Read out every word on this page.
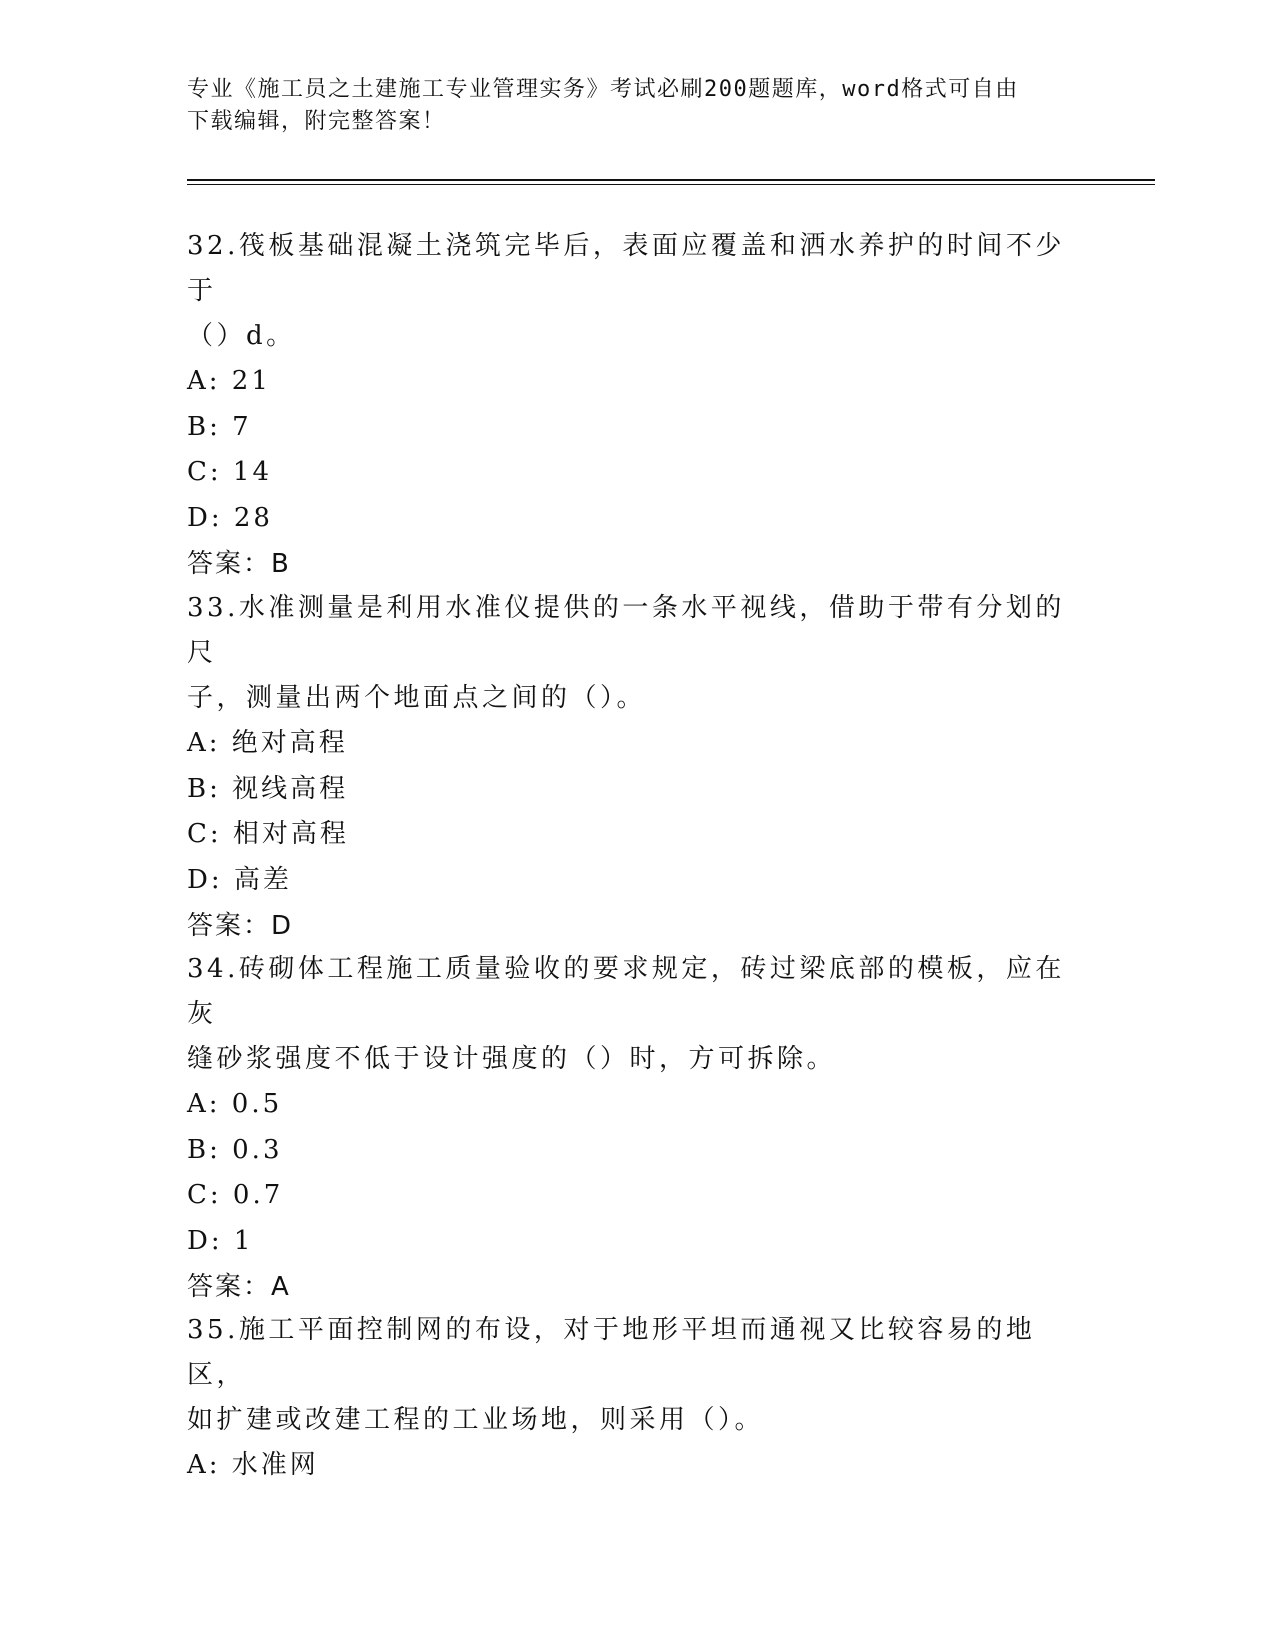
专业《施工员之土建施工专业管理实务》考试必刷200题题库，word格式可自由
下载编辑，附完整答案！
32.筏板基础混凝土浇筑完毕后，表面应覆盖和洒水养护的时间不少于
（）d。
A: 21
B: 7
C: 14
D: 28
答案：B
33.水准测量是利用水准仪提供的一条水平视线，借助于带有分划的尺
子，测量出两个地面点之间的（）。
A: 绝对高程
B: 视线高程
C: 相对高程
D: 高差
答案：D
34.砖砌体工程施工质量验收的要求规定，砖过梁底部的模板，应在灰
缝砂浆强度不低于设计强度的（）时，方可拆除。
A: 0.5
B: 0.3
C: 0.7
D: 1
答案：A
35.施工平面控制网的布设，对于地形平坦而通视又比较容易的地区，
如扩建或改建工程的工业场地，则采用（）。
A: 水准网
